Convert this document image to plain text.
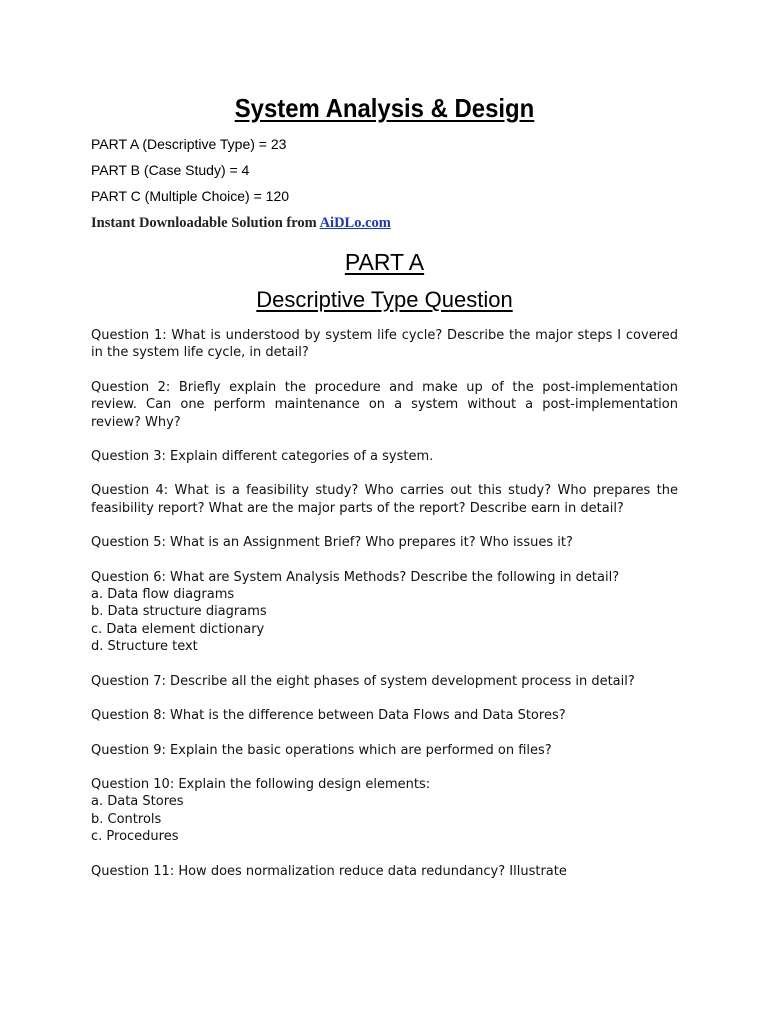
System Analysis & Design
PART A (Descriptive Type) = 23
PART B (Case Study) = 4
PART C (Multiple Choice) = 120
Instant Downloadable Solution from AiDLo.com
PART A
Descriptive Type Question
Question 1: What is understood by system life cycle? Describe the major steps I covered in the system life cycle, in detail?
Question 2: Briefly explain the procedure and make up of the post-implementation review. Can one perform maintenance on a system without a post-implementation review? Why?
Question 3: Explain different categories of a system.
Question 4: What is a feasibility study? Who carries out this study? Who prepares the feasibility report? What are the major parts of the report? Describe earn in detail?
Question 5: What is an Assignment Brief? Who prepares it? Who issues it?
Question 6: What are System Analysis Methods? Describe the following in detail?
a. Data flow diagrams
b. Data structure diagrams
c. Data element dictionary
d. Structure text
Question 7: Describe all the eight phases of system development process in detail?
Question 8: What is the difference between Data Flows and Data Stores?
Question 9: Explain the basic operations which are performed on files?
Question 10: Explain the following design elements:
a. Data Stores
b. Controls
c. Procedures
Question 11: How does normalization reduce data redundancy? Illustrate
